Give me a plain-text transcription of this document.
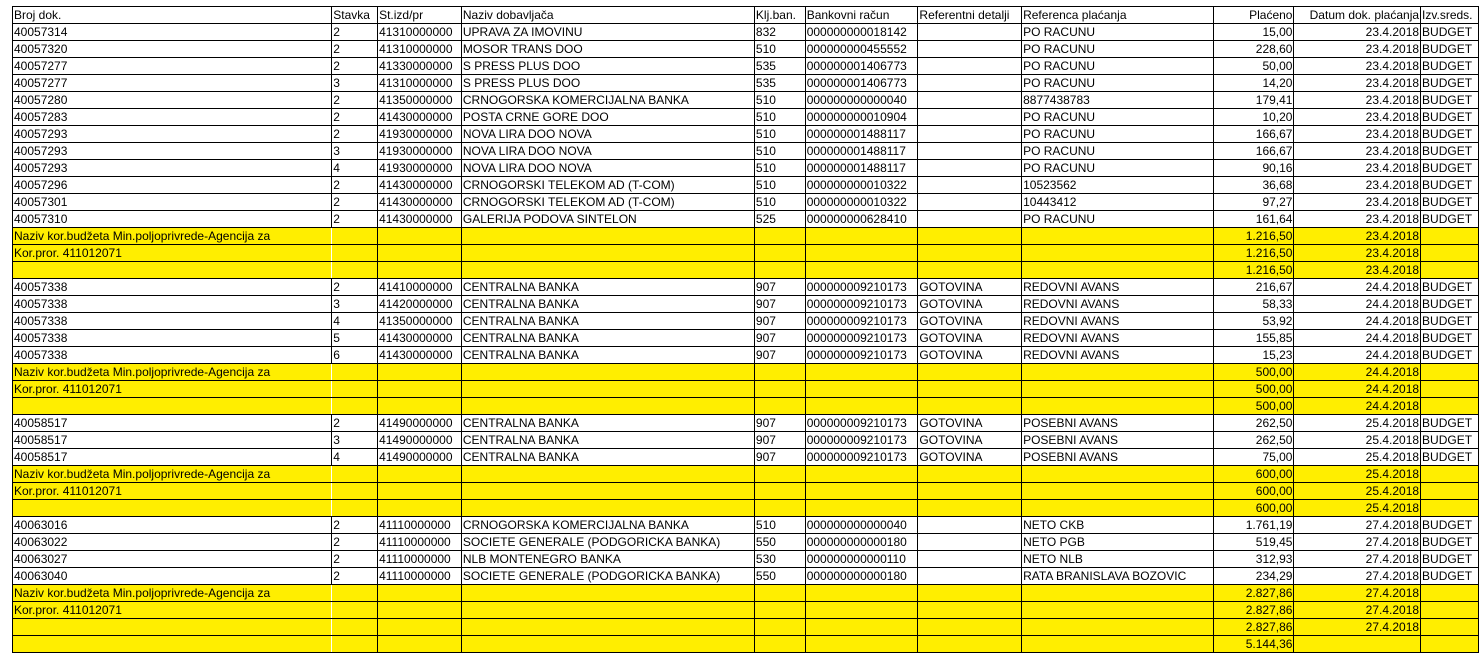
Broj dok.	Stavka	St.izd/pr	Naziv dobavljača	Klj.ban.	Bankovni račun	Referentni detalji	Referenca plaćanja	Plaćeno	Datum dok. plaćanja	Izv.sreds.
40057314	2	41310000000	UPRAVA ZA IMOVINU	832	000000000018142		PO RACUNU	15,00	23.4.2018	BUDGET
40057320	2	41310000000	MOSOR TRANS DOO	510	000000000455552		PO RACUNU	228,60	23.4.2018	BUDGET
40057277	2	41330000000	S PRESS PLUS DOO	535	000000001406773		PO RACUNU	50,00	23.4.2018	BUDGET
40057277	3	41310000000	S PRESS PLUS DOO	535	000000001406773		PO RACUNU	14,20	23.4.2018	BUDGET
40057280	2	41350000000	CRNOGORSKA KOMERCIJALNA BANKA	510	000000000000040		8877438783	179,41	23.4.2018	BUDGET
40057283	2	41430000000	POSTA CRNE GORE DOO	510	000000000010904		PO RACUNU	10,20	23.4.2018	BUDGET
40057293	2	41930000000	NOVA LIRA DOO NOVA	510	000000001488117		PO RACUNU	166,67	23.4.2018	BUDGET
40057293	3	41930000000	NOVA LIRA DOO NOVA	510	000000001488117		PO RACUNU	166,67	23.4.2018	BUDGET
40057293	4	41930000000	NOVA LIRA DOO NOVA	510	000000001488117		PO RACUNU	90,16	23.4.2018	BUDGET
40057296	2	41430000000	CRNOGORSKI TELEKOM AD (T-COM)	510	000000000010322		10523562	36,68	23.4.2018	BUDGET
40057301	2	41430000000	CRNOGORSKI TELEKOM AD (T-COM)	510	000000000010322		10443412	97,27	23.4.2018	BUDGET
40057310	2	41430000000	GALERIJA PODOVA SINTELON	525	000000000628410		PO RACUNU	161,64	23.4.2018	BUDGET
Naziv kor.budžeta Min.poljoprivrede-Agencija za								1.216,50	23.4.2018	
Kor.pror. 411012071								1.216,50	23.4.2018	
								1.216,50	23.4.2018	
40057338	2	41410000000	CENTRALNA BANKA	907	000000009210173	GOTOVINA	REDOVNI AVANS	216,67	24.4.2018	BUDGET
40057338	3	41420000000	CENTRALNA BANKA	907	000000009210173	GOTOVINA	REDOVNI AVANS	58,33	24.4.2018	BUDGET
40057338	4	41350000000	CENTRALNA BANKA	907	000000009210173	GOTOVINA	REDOVNI AVANS	53,92	24.4.2018	BUDGET
40057338	5	41430000000	CENTRALNA BANKA	907	000000009210173	GOTOVINA	REDOVNI AVANS	155,85	24.4.2018	BUDGET
40057338	6	41430000000	CENTRALNA BANKA	907	000000009210173	GOTOVINA	REDOVNI AVANS	15,23	24.4.2018	BUDGET
Naziv kor.budžeta Min.poljoprivrede-Agencija za								500,00	24.4.2018	
Kor.pror. 411012071								500,00	24.4.2018	
								500,00	24.4.2018	
40058517	2	41490000000	CENTRALNA BANKA	907	000000009210173	GOTOVINA	POSEBNI AVANS	262,50	25.4.2018	BUDGET
40058517	3	41490000000	CENTRALNA BANKA	907	000000009210173	GOTOVINA	POSEBNI AVANS	262,50	25.4.2018	BUDGET
40058517	4	41490000000	CENTRALNA BANKA	907	000000009210173	GOTOVINA	POSEBNI AVANS	75,00	25.4.2018	BUDGET
Naziv kor.budžeta Min.poljoprivrede-Agencija za								600,00	25.4.2018	
Kor.pror. 411012071								600,00	25.4.2018	
								600,00	25.4.2018	
40063016	2	41110000000	CRNOGORSKA KOMERCIJALNA BANKA	510	000000000000040		NETO CKB	1.761,19	27.4.2018	BUDGET
40063022	2	41110000000	SOCIETE GENERALE (PODGORICKA BANKA)	550	000000000000180		NETO PGB	519,45	27.4.2018	BUDGET
40063027	2	41110000000	NLB MONTENEGRO BANKA	530	000000000000110		NETO NLB	312,93	27.4.2018	BUDGET
40063040	2	41110000000	SOCIETE GENERALE (PODGORICKA BANKA)	550	000000000000180		RATA BRANISLAVA BOZOVIC	234,29	27.4.2018	BUDGET
Naziv kor.budžeta Min.poljoprivrede-Agencija za								2.827,86	27.4.2018	
Kor.pror. 411012071								2.827,86	27.4.2018	
								2.827,86	27.4.2018	
								5.144,36		
